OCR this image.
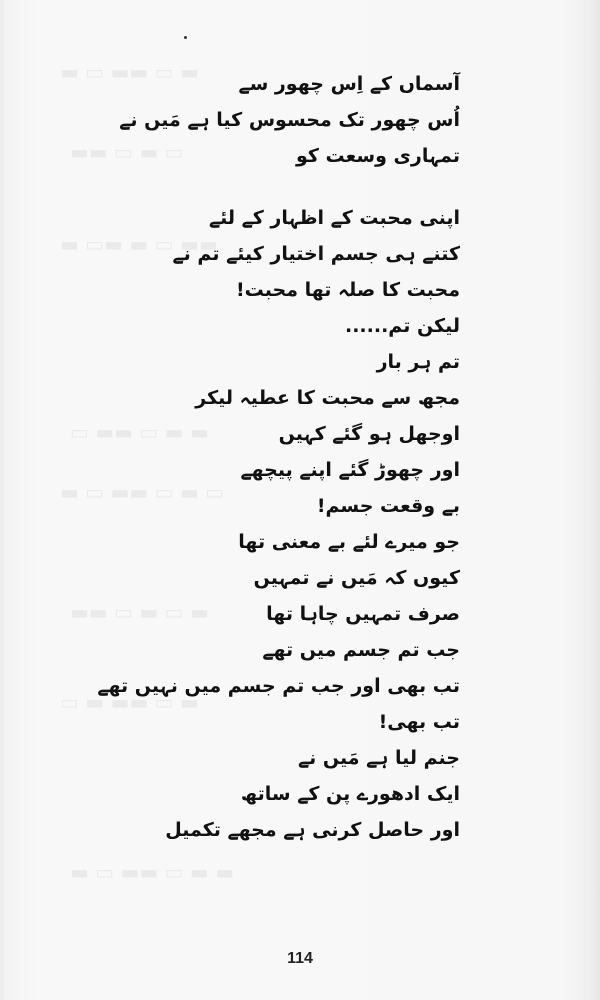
▬ ▭ ▬▬ ▭ ▬
▬▬ ▭ ▬ ▭
▬ ▭▬ ▬ ▭ ▬▬
▭ ▬▬ ▭ ▬ ▬
▬ ▭ ▬▬ ▭ ▬ ▭
▬▬ ▭ ▬ ▭ ▬
▭ ▬ ▬▬ ▭ ▬
▬ ▭ ▬▬ ▭ ▬ ▬
آسماں کے اِس چھور سے
اُس چھور تک محسوس کیا ہے مَیں نے
تمہاری وسعت کو
اپنی محبت کے اظہار کے لئے
کتنے ہی جسم اختیار کیئے تم نے
محبت کا صلہ تھا محبت!
لیکن تم......
تم ہر بار
مجھ سے محبت کا عطیہ لیکر
اوجھل ہو گئے کہیں
اور چھوڑ گئے اپنے پیچھے
بے وقعت جسم!
جو میرے لئے بے معنی تھا
کیوں کہ مَیں نے تمہیں
صرف تمہیں چاہا تھا
جب تم جسم میں تھے
تب بھی اور جب تم جسم میں نہیں تھے
تب بھی!
جنم لیا ہے مَیں نے
ایک ادھورے پن کے ساتھ
اور حاصل کرنی ہے مجھے تکمیل
114
